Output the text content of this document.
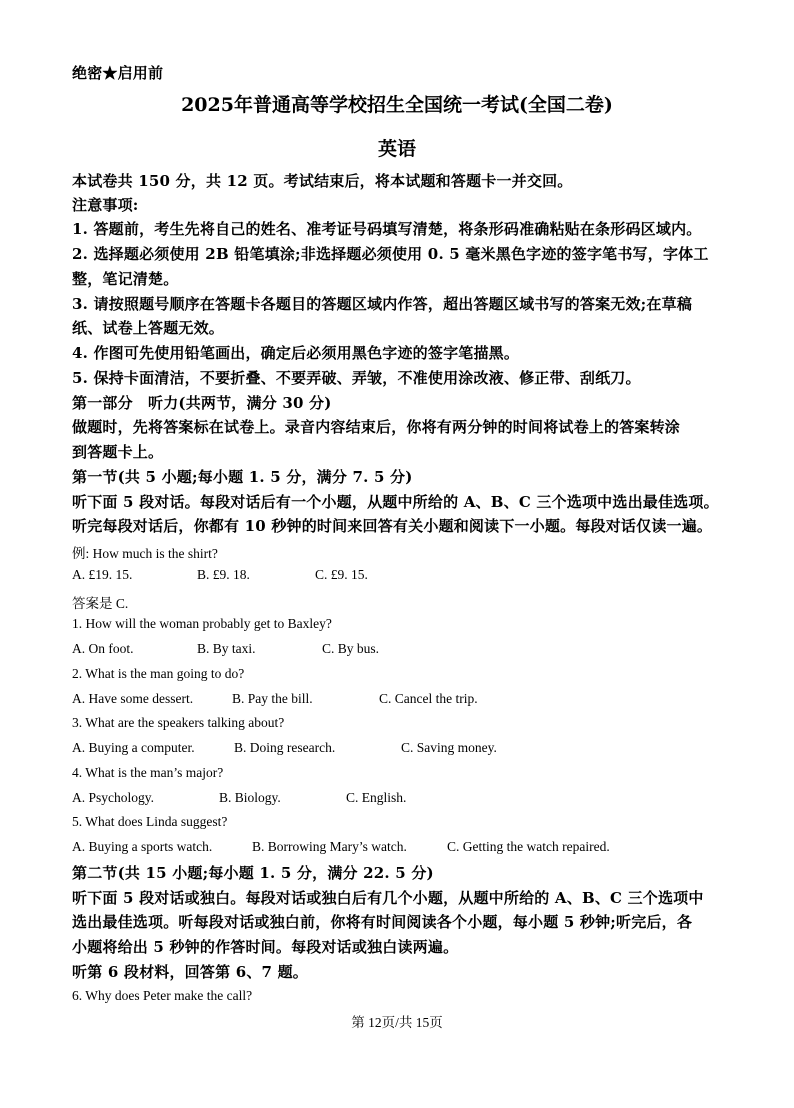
绝密★启用前
2025年普通高等学校招生全国统一考试(全国二卷)
英语
本试卷共 150 分，共 12 页。考试结束后，将本试题和答题卡一并交回。
注意事项:
1. 答题前，考生先将自己的姓名、准考证号码填写清楚，将条形码准确粘贴在条形码区域内。
2. 选择题必须使用 2B 铅笔填涂;非选择题必须使用 0. 5 毫米黑色字迹的签字笔书写，字体工
整，笔记清楚。
3. 请按照题号顺序在答题卡各题目的答题区域内作答，超出答题区域书写的答案无效;在草稿
纸、试卷上答题无效。
4. 作图可先使用铅笔画出，确定后必须用黑色字迹的签字笔描黑。
5. 保持卡面清洁，不要折叠、不要弄破、弄皱，不准使用涂改液、修正带、刮纸刀。
第一部分　听力(共两节，满分 30 分)
做题时，先将答案标在试卷上。录音内容结束后，你将有两分钟的时间将试卷上的答案转涂
到答题卡上。
第一节(共 5 小题;每小题 1. 5 分，满分 7. 5 分)
听下面 5 段对话。每段对话后有一个小题，从题中所给的 A、B、C 三个选项中选出最佳选项。
听完每段对话后，你都有 10 秒钟的时间来回答有关小题和阅读下一小题。每段对话仅读一遍。
例: How much is the shirt?
A. £19. 15.	B. £9. 18.	C. £9. 15.
答案是 C.
1. How will the woman probably get to Baxley?
A. On foot.	B. By taxi.	C. By bus.
2. What is the man going to do?
A. Have some dessert.	B. Pay the bill.	C. Cancel the trip.
3. What are the speakers talking about?
A. Buying a computer.	B. Doing research.	C. Saving money.
4. What is the man’s major?
A. Psychology.	B. Biology.	C. English.
5. What does Linda suggest?
A. Buying a sports watch.	B. Borrowing Mary’s watch.	C. Getting the watch repaired.
第二节(共 15 小题;每小题 1. 5 分，满分 22. 5 分)
听下面 5 段对话或独白。每段对话或独白后有几个小题，从题中所给的 A、B、C 三个选项中
选出最佳选项。听每段对话或独白前，你将有时间阅读各个小题，每小题 5 秒钟;听完后，各
小题将给出 5 秒钟的作答时间。每段对话或独白读两遍。
听第 6 段材料，回答第 6、7 题。
6. Why does Peter make the call?
第 12页/共 15页
